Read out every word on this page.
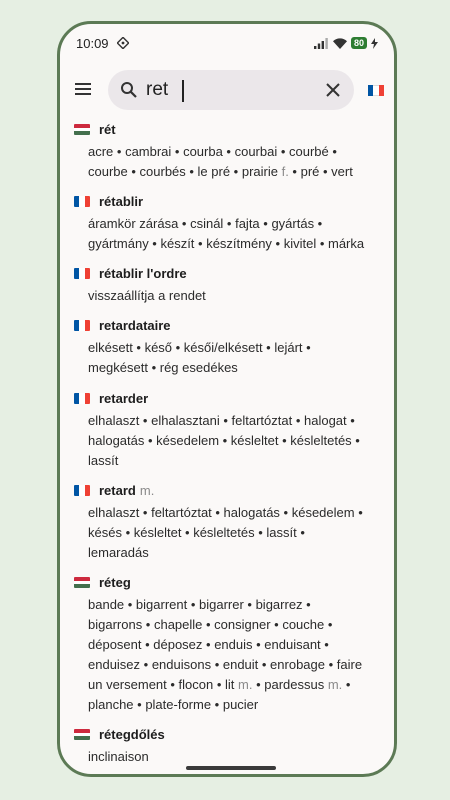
10:09	80
ret
rét
acre • cambrai • courba • courbai • courbé •
courbe • courbés • le pré • prairie f. • pré • vert
rétablir
áramkör zárása • csinál • fajta • gyártás •
gyártmány • készít • készítmény • kivitel • márka
rétablir l'ordre
visszaállítja a rendet
retardataire
elkésett • késő • késői/elkésett • lejárt •
megkésett • rég esedékes
retarder
elhalaszt • elhalasztani • feltartóztat • halogat •
halogatás • késedelem • késleltet • késleltetés •
lassít
retard m.
elhalaszt • feltartóztat • halogatás • késedelem •
késés • késleltet • késleltetés • lassít •
lemaradás
réteg
bande • bigarrent • bigarrer • bigarrez •
bigarrons • chapelle • consigner • couche •
déposent • déposez • enduis • enduisant •
enduisez • enduisons • enduit • enrobage • faire
un versement • flocon • lit m. • pardessus m. •
planche • plate-forme • pucier
rétegdőlés
inclinaison
